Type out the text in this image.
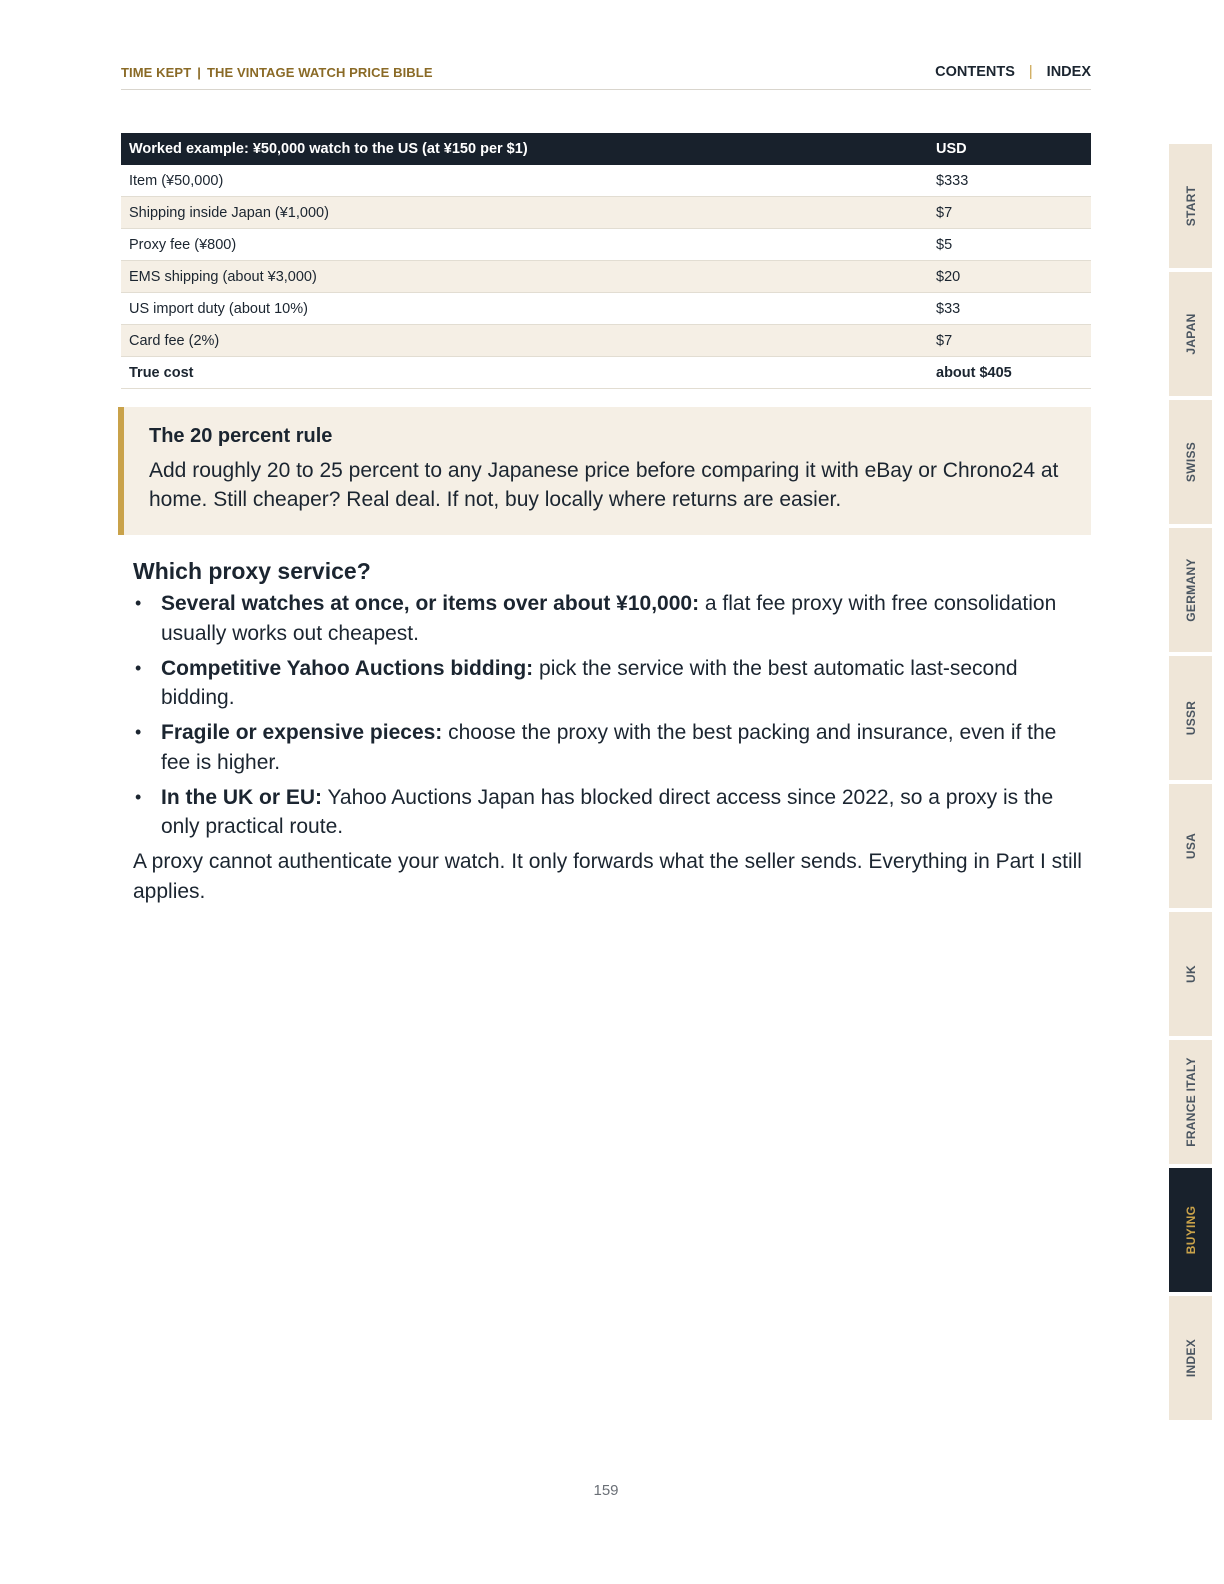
TIME KEPT | THE VINTAGE WATCH PRICE BIBLE	CONTENTS | INDEX
Worked example: ¥50,000 watch to the US (at ¥150 per $1)	USD
Item (¥50,000)	$333
Shipping inside Japan (¥1,000)	$7
Proxy fee (¥800)	$5
EMS shipping (about ¥3,000)	$20
US import duty (about 10%)	$33
Card fee (2%)	$7
True cost	about $405
The 20 percent rule

Add roughly 20 to 25 percent to any Japanese price before comparing it with eBay or Chrono24 at home. Still cheaper? Real deal. If not, buy locally where returns are easier.

Which proxy service?
• Several watches at once, or items over about ¥10,000: a flat fee proxy with free consolidation usually works out cheapest.
• Competitive Yahoo Auctions bidding: pick the service with the best automatic last-second bidding.
• Fragile or expensive pieces: choose the proxy with the best packing and insurance, even if the fee is higher.
• In the UK or EU: Yahoo Auctions Japan has blocked direct access since 2022, so a proxy is the only practical route.

A proxy cannot authenticate your watch. It only forwards what the seller sends. Everything in Part I still applies.

START
JAPAN
SWISS
GERMANY
USSR
USA
UK
FRANCE ITALY
BUYING
INDEX
159
